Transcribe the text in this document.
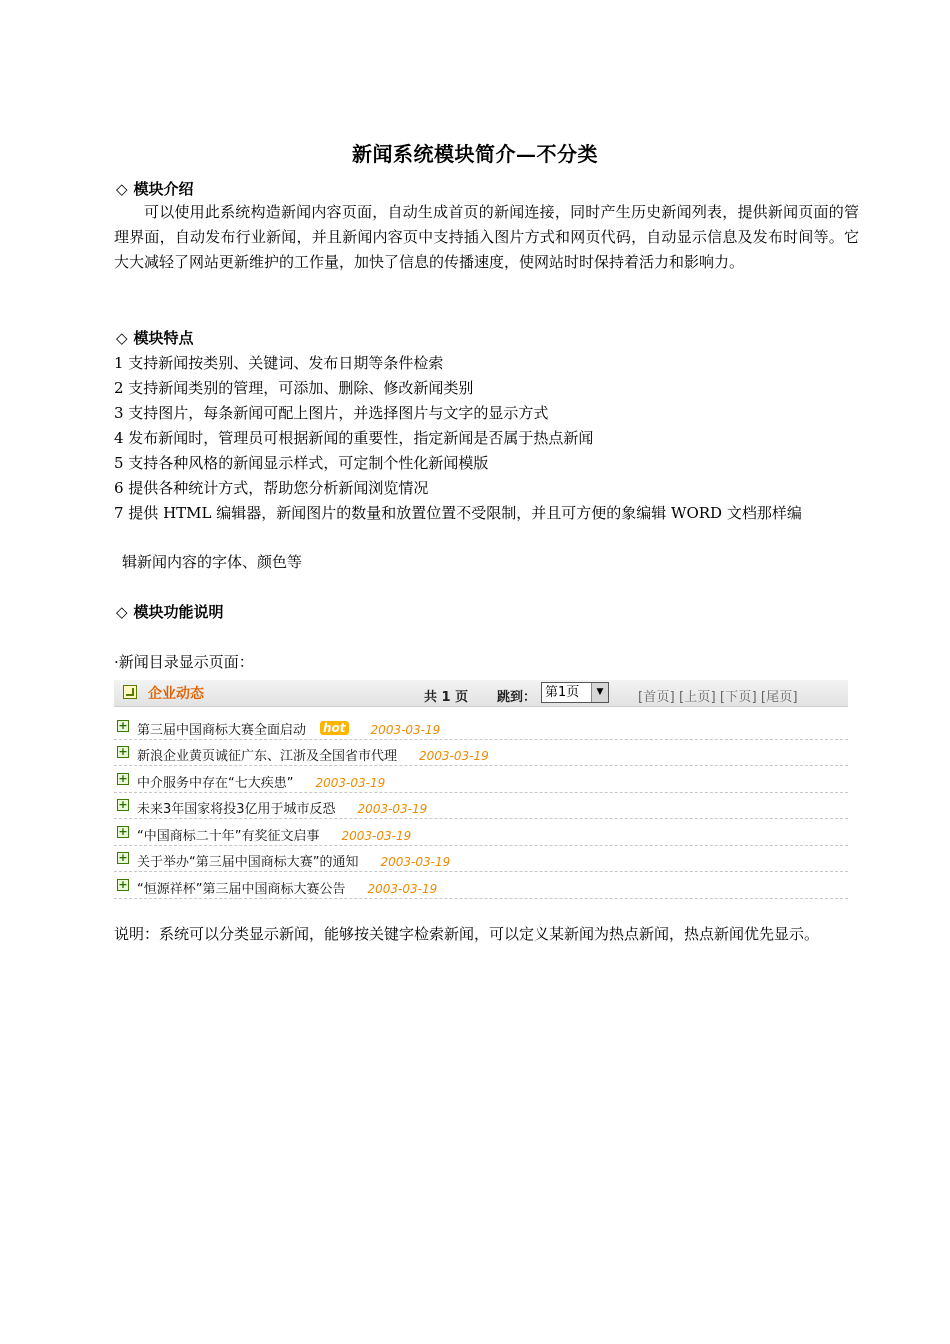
新闻系统模块简介—不分类
◇ 模块介绍
可以使用此系统构造新闻内容页面，自动生成首页的新闻连接，同时产生历史新闻列表，提供新闻页面的管理界面，自动发布行业新闻，并且新闻内容页中支持插入图片方式和网页代码，自动显示信息及发布时间等。它大大减轻了网站更新维护的工作量，加快了信息的传播速度，使网站时时保持着活力和影响力。
◇ 模块特点
1 支持新闻按类别、关键词、发布日期等条件检索
2 支持新闻类别的管理，可添加、删除、修改新闻类别
3 支持图片，每条新闻可配上图片，并选择图片与文字的显示方式
4 发布新闻时，管理员可根据新闻的重要性，指定新闻是否属于热点新闻
5 支持各种风格的新闻显示样式，可定制个性化新闻模版
6 提供各种统计方式，帮助您分析新闻浏览情况
7 提供 HTML 编辑器，新闻图片的数量和放置位置不受限制，并且可方便的象编辑 WORD 文档那样编
辑新闻内容的字体、颜色等
◇ 模块功能说明
·新闻目录显示页面：
企业动态	共 1 页 跳到： 第1页	▼	[首页] [上页] [下页] [尾页]
+ 第三届中国商标大赛全面启动 hot 2003-03-19
+ 新浪企业黄页诚征广东、江浙及全国省市代理 2003-03-19
+ 中介服务中存在“七大疾患” 2003-03-19
+ 未来3年国家将投3亿用于城市反恐 2003-03-19
+ “中国商标二十年”有奖征文启事 2003-03-19
+ 关于举办“第三届中国商标大赛”的通知 2003-03-19
+ “恒源祥杯”第三届中国商标大赛公告 2003-03-19
说明：系统可以分类显示新闻，能够按关键字检索新闻，可以定义某新闻为热点新闻，热点新闻优先显示。
